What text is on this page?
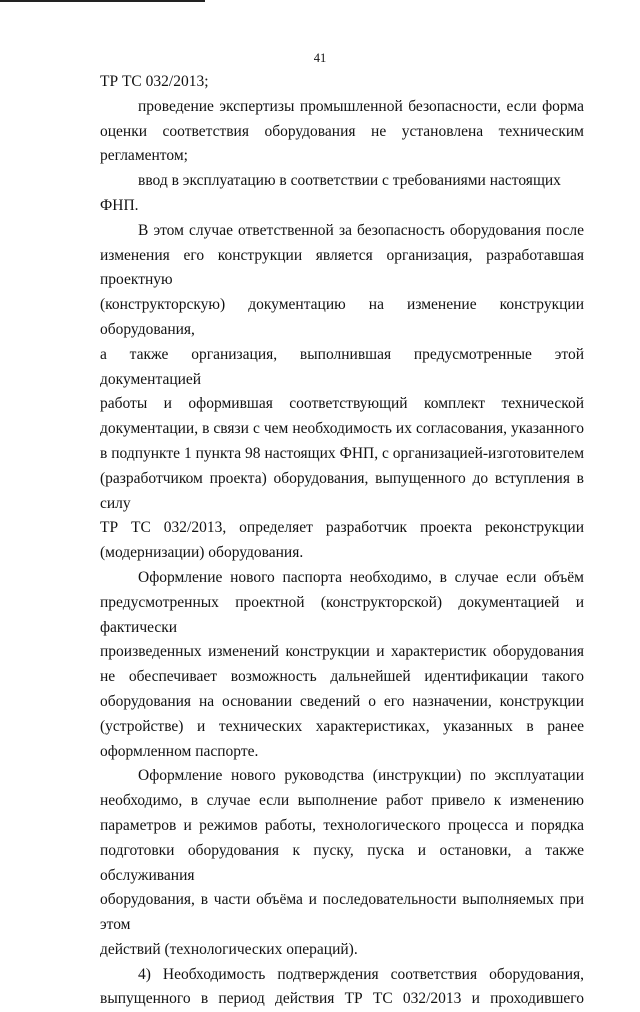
41

ТР ТС 032/2013;

проведение экспертизы промышленной безопасности, если форма
оценки соответствия оборудования не установлена техническим
регламентом;

ввод в эксплуатацию в соответствии с требованиями настоящих ФНП.

В этом случае ответственной за безопасность оборудования после
изменения его конструкции является организация, разработавшая проектную
(конструкторскую) документацию на изменение конструкции оборудования,
а также организация, выполнившая предусмотренные этой документацией
работы и оформившая соответствующий комплект технической
документации, в связи с чем необходимость их согласования, указанного
в подпункте 1 пункта 98 настоящих ФНП, с организацией-изготовителем
(разработчиком проекта) оборудования, выпущенного до вступления в силу
ТР ТС 032/2013, определяет разработчик проекта реконструкции
(модернизации) оборудования.

Оформление нового паспорта необходимо, в случае если объём
предусмотренных проектной (конструкторской) документацией и фактически
произведенных изменений конструкции и характеристик оборудования
не обеспечивает возможность дальнейшей идентификации такого
оборудования на основании сведений о его назначении, конструкции
(устройстве) и технических характеристиках, указанных в ранее
оформленном паспорте.

Оформление нового руководства (инструкции) по эксплуатации
необходимо, в случае если выполнение работ привело к изменению
параметров и режимов работы, технологического процесса и порядка
подготовки оборудования к пуску, пуска и остановки, а также обслуживания
оборудования, в части объёма и последовательности выполняемых при этом
действий (технологических операций).

4) Необходимость подтверждения соответствия оборудования,
выпущенного в период действия ТР ТС 032/2013 и проходившего
